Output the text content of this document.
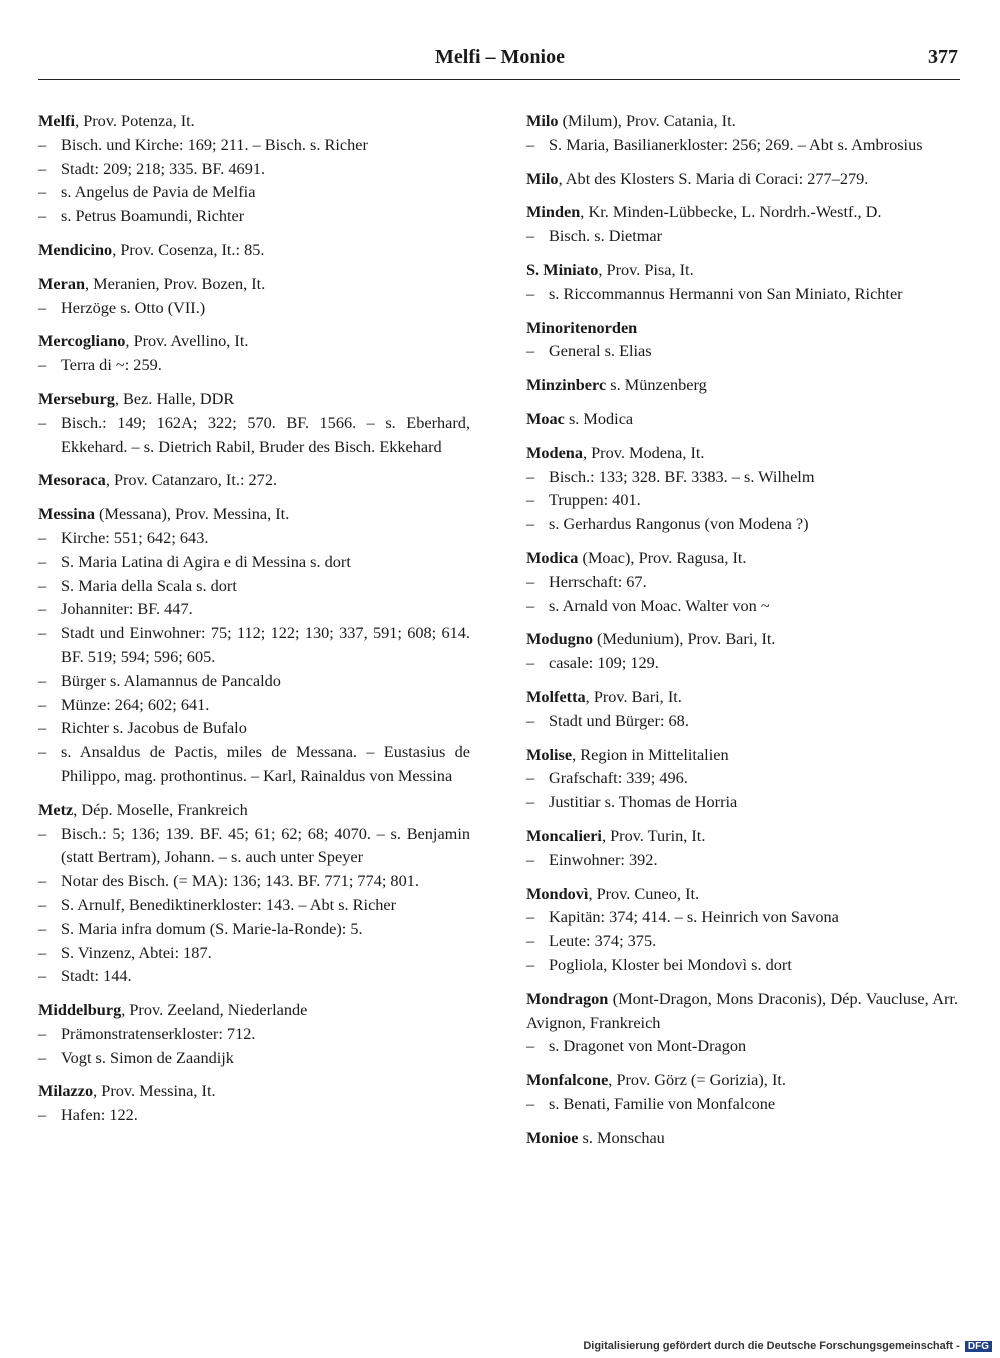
Melfi – Monioe	377
Melfi, Prov. Potenza, It.
– Bisch. und Kirche: 169; 211. – Bisch. s. Richer
– Stadt: 209; 218; 335. BF. 4691.
– s. Angelus de Pavia de Melfia
– s. Petrus Boamundi, Richter
Mendicino, Prov. Cosenza, It.: 85.
Meran, Meranien, Prov. Bozen, It.
– Herzöge s. Otto (VII.)
Mercogliano, Prov. Avellino, It.
– Terra di ~: 259.
Merseburg, Bez. Halle, DDR
– Bisch.: 149; 162A; 322; 570. BF. 1566. – s. Eberhard, Ekkehard. – s. Dietrich Rabil, Bruder des Bisch. Ekkehard
Mesoraca, Prov. Catanzaro, It.: 272.
Messina (Messana), Prov. Messina, It.
– Kirche: 551; 642; 643.
– S. Maria Latina di Agira e di Messina s. dort
– S. Maria della Scala s. dort
– Johanniter: BF. 447.
– Stadt und Einwohner: 75; 112; 122; 130; 337, 591; 608; 614. BF. 519; 594; 596; 605.
– Bürger s. Alamannus de Pancaldo
– Münze: 264; 602; 641.
– Richter s. Jacobus de Bufalo
– s. Ansaldus de Pactis, miles de Messana. – Eustasius de Philippo, mag. prothontinus. – Karl, Rainaldus von Messina
Metz, Dép. Moselle, Frankreich
– Bisch.: 5; 136; 139. BF. 45; 61; 62; 68; 4070. – s. Benjamin (statt Bertram), Johann. – s. auch unter Speyer
– Notar des Bisch. (= MA): 136; 143. BF. 771; 774; 801.
– S. Arnulf, Benediktinerkloster: 143. – Abt s. Richer
– S. Maria infra domum (S. Marie-la-Ronde): 5.
– S. Vinzenz, Abtei: 187.
– Stadt: 144.
Middelburg, Prov. Zeeland, Niederlande
– Prämonstratenserkloster: 712.
– Vogt s. Simon de Zaandijk
Milazzo, Prov. Messina, It.
– Hafen: 122.
Milo (Milum), Prov. Catania, It.
– S. Maria, Basilianerkloster: 256; 269. – Abt s. Ambrosius
Milo, Abt des Klosters S. Maria di Coraci: 277–279.
Minden, Kr. Minden-Lübbecke, L. Nordrh.-Westf., D.
– Bisch. s. Dietmar
S. Miniato, Prov. Pisa, It.
– s. Riccommannus Hermanni von San Miniato, Richter
Minoritenorden
– General s. Elias
Minzinberc s. Münzenberg
Moac s. Modica
Modena, Prov. Modena, It.
– Bisch.: 133; 328. BF. 3383. – s. Wilhelm
– Truppen: 401.
– s. Gerhardus Rangonus (von Modena ?)
Modica (Moac), Prov. Ragusa, It.
– Herrschaft: 67.
– s. Arnald von Moac. Walter von ~
Modugno (Medunium), Prov. Bari, It.
– casale: 109; 129.
Molfetta, Prov. Bari, It.
– Stadt und Bürger: 68.
Molise, Region in Mittelitalien
– Grafschaft: 339; 496.
– Justitiar s. Thomas de Horria
Moncalieri, Prov. Turin, It.
– Einwohner: 392.
Mondovì, Prov. Cuneo, It.
– Kapitän: 374; 414. – s. Heinrich von Savona
– Leute: 374; 375.
– Pogliola, Kloster bei Mondovì s. dort
Mondragon (Mont-Dragon, Mons Draconis), Dép. Vaucluse, Arr. Avignon, Frankreich
– s. Dragonet von Mont-Dragon
Monfalcone, Prov. Görz (= Gorizia), It.
– s. Benati, Familie von Monfalcone
Monioe s. Monschau
Digitalisierung gefördert durch die Deutsche Forschungsgemeinschaft - DFG
